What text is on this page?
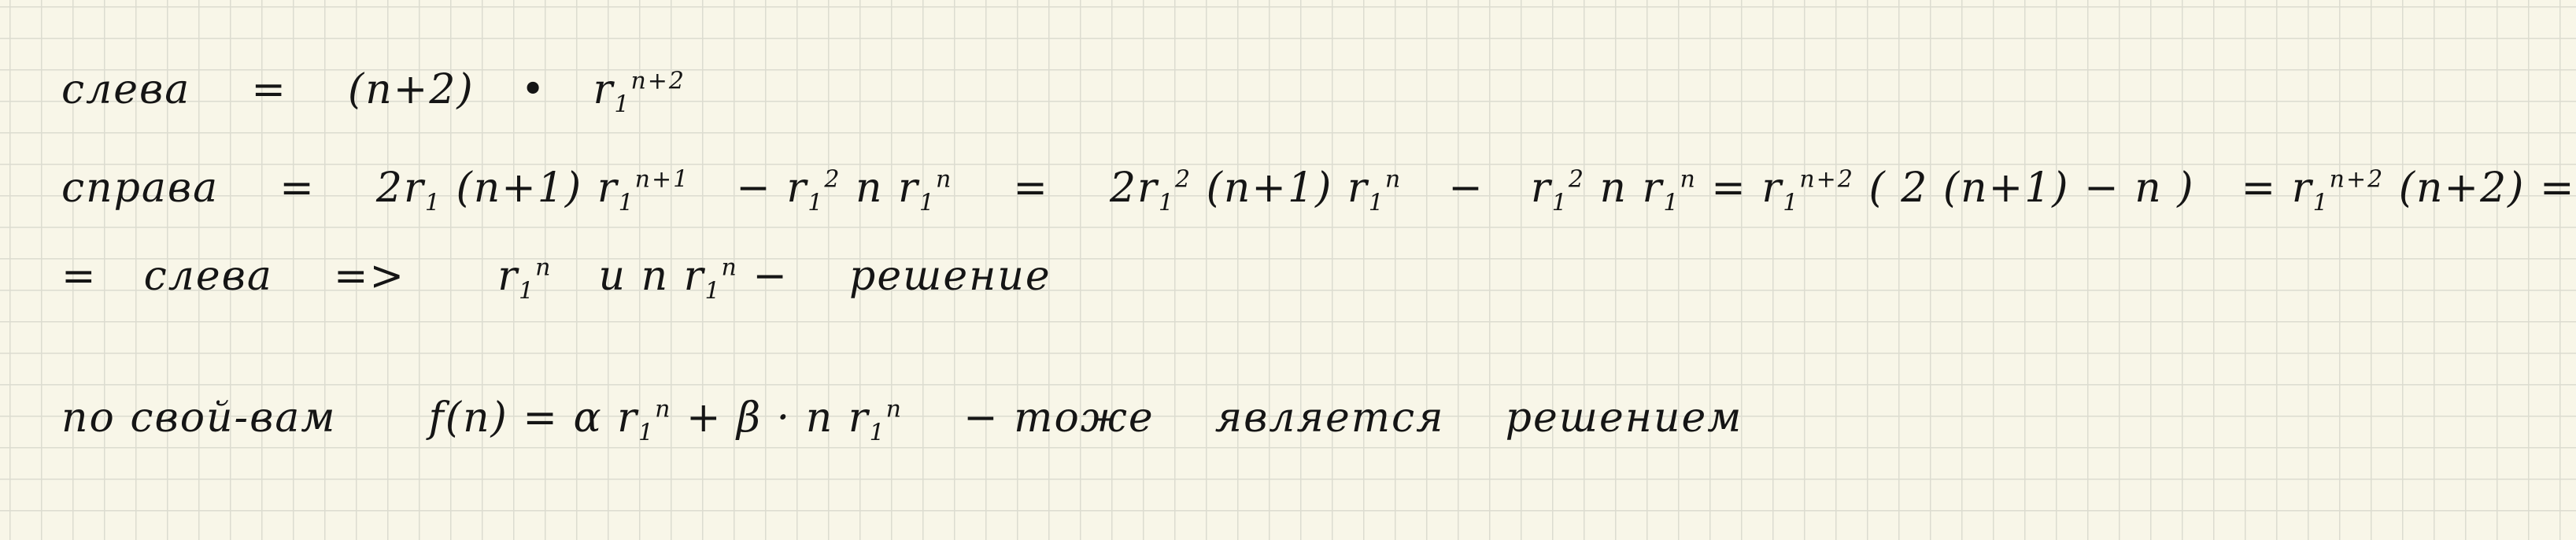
слева = (n+2) • $r_1^{n+2}$
справа = $2r_1$ (n+1) $r_1^{n+1} - r_1^2$ n $r_1^n = 2r_1^2$ (n+1) $r_1^n - r_1^2$ n $r_1^n = r_1^{n+2}$ ( 2 (n+1) − n ) = $r_1^{n+2}$ (n+2) =
= слева => $r_1^n$ и n $r_1^n$ − решение
по свой-вам f(n) = α $r_1^n + \beta \cdot n$ $r_1^n$ − тоже является решением
